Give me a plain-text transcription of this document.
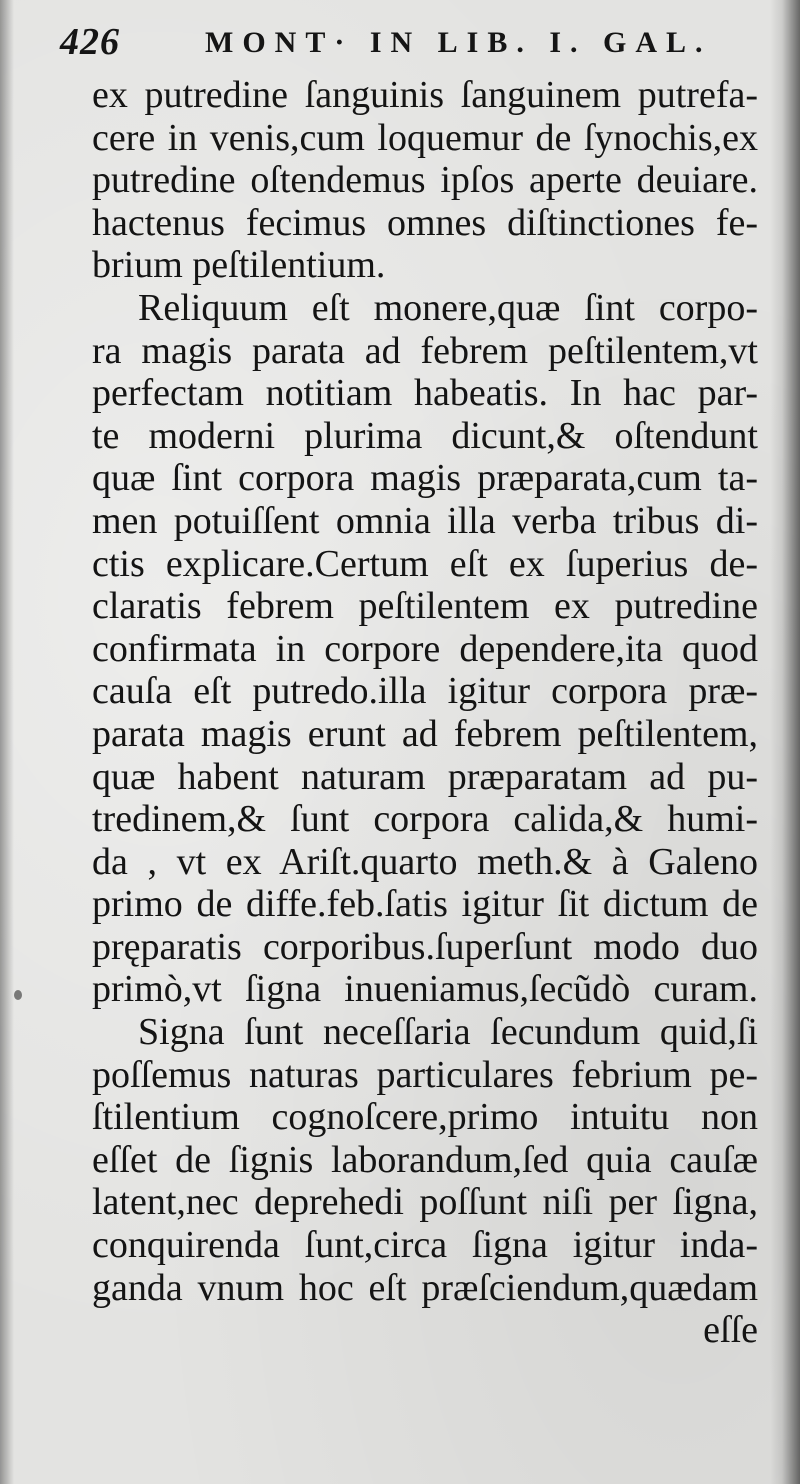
426	MONT· IN LIB. I. GAL.
ex putredine ſanguinis ſanguinem putrefa-
cere in venis,cum loquemur de ſynochis,ex
putredine oſtendemus ipſos aperte deuiare.
hactenus fecimus omnes diſtinctiones fe-
brium peſtilentium.
Reliquum eſt monere,quæ ſint corpo-
ra magis parata ad febrem peſtilentem,vt
perfectam notitiam habeatis. In hac par-
te moderni plurima dicunt,& oſtendunt
quæ ſint corpora magis præparata,cum ta-
men potuiſſent omnia illa verba tribus di-
ctis explicare.Certum eſt ex ſuperius de-
claratis febrem peſtilentem ex putredine
confirmata in corpore dependere,ita quod
cauſa eſt putredo.illa igitur corpora præ-
parata magis erunt ad febrem peſtilentem,
quæ habent naturam præparatam ad pu-
tredinem,& ſunt corpora calida,& humi-
da , vt ex Ariſt.quarto meth.& à Galeno
primo de diffe.feb.ſatis igitur ſit dictum de
pręparatis corporibus.ſuperſunt modo duo
primò,vt ſigna inueniamus,ſecũdò curam.
Signa ſunt neceſſaria ſecundum quid,ſi
poſſemus naturas particulares febrium pe-
ſtilentium cognoſcere,primo intuitu non
eſſet de ſignis laborandum,ſed quia cauſæ
latent,nec deprehedi poſſunt niſi per ſigna,
conquirenda ſunt,circa ſigna igitur inda-
ganda vnum hoc eſt præſciendum,quædam
eſſe
